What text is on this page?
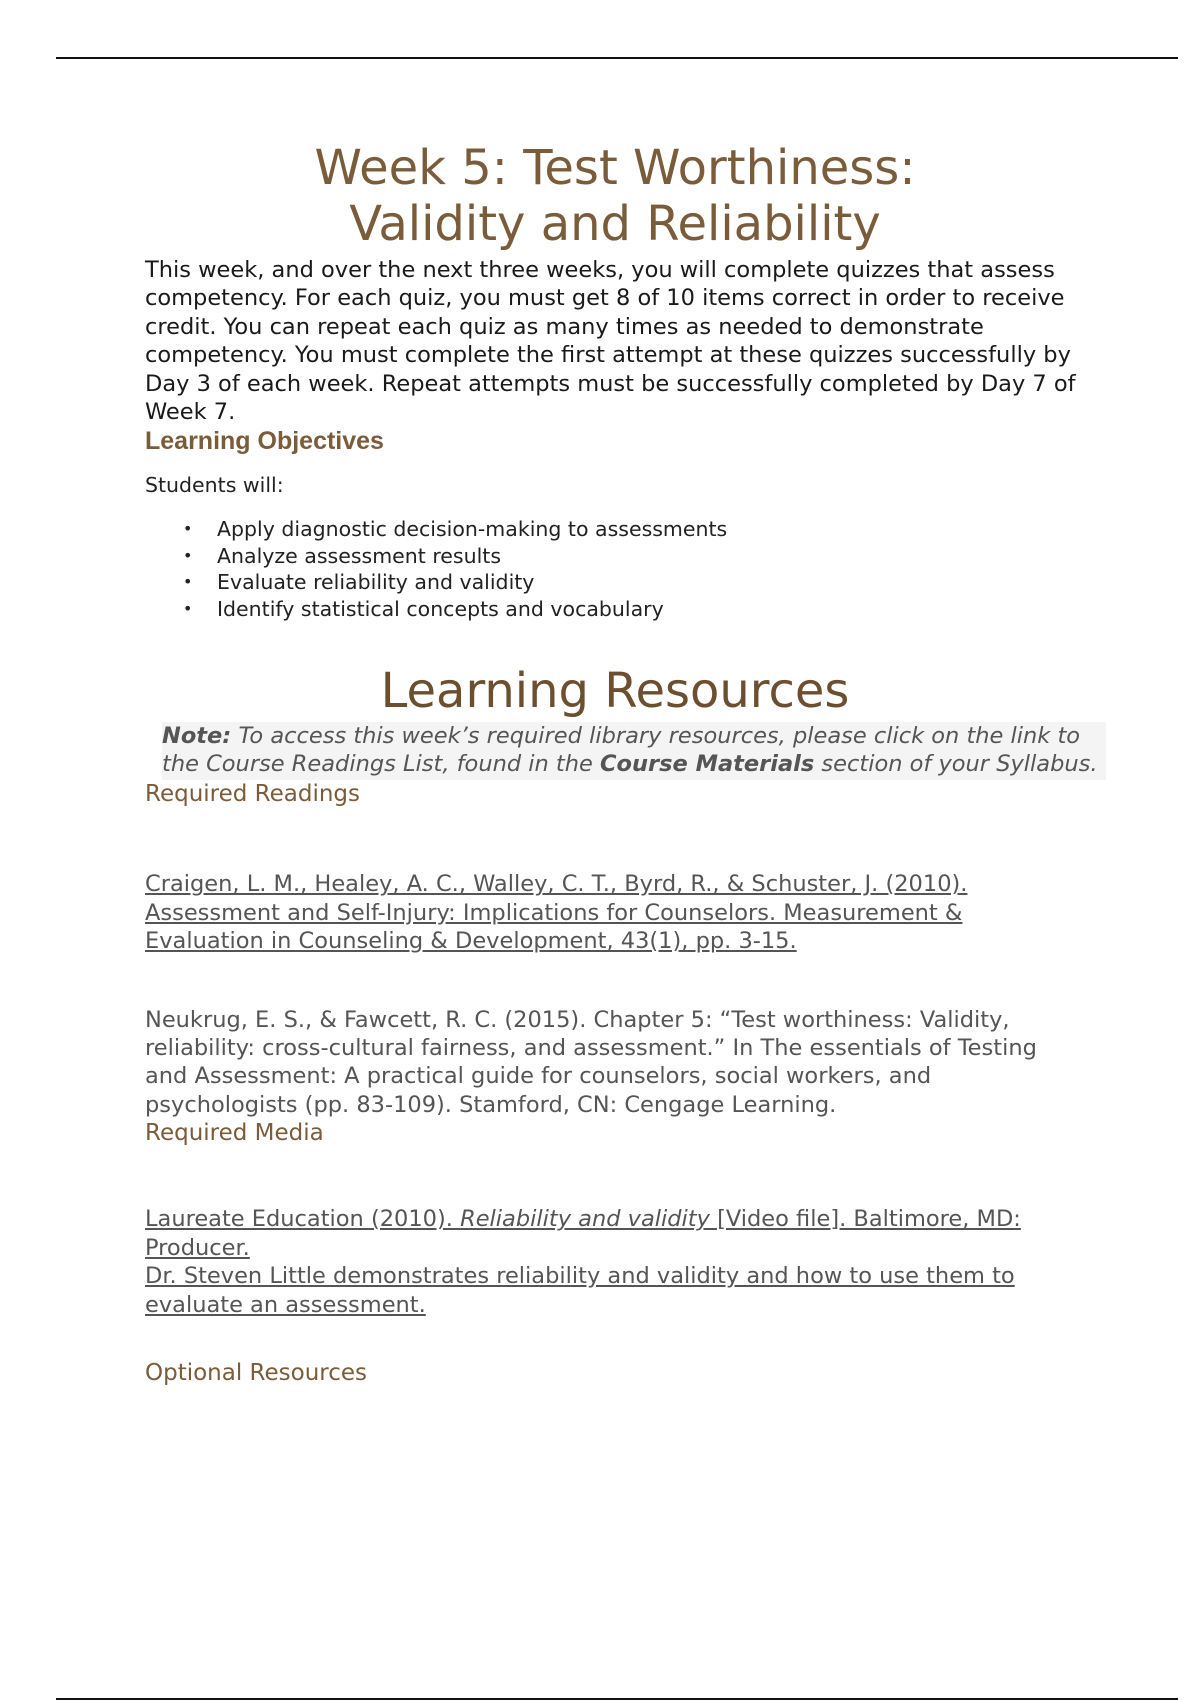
Week 5: Test Worthiness:
Validity and Reliability

This week, and over the next three weeks, you will complete quizzes that assess competency. For each quiz, you must get 8 of 10 items correct in order to receive credit. You can repeat each quiz as many times as needed to demonstrate competency. You must complete the first attempt at these quizzes successfully by Day 3 of each week. Repeat attempts must be successfully completed by Day 7 of Week 7.

Learning Objectives

Students will:

• Apply diagnostic decision-making to assessments
• Analyze assessment results
• Evaluate reliability and validity
• Identify statistical concepts and vocabulary
Learning Resources
Note: To access this week’s required library resources, please click on the link to the Course Readings List, found in the Course Materials section of your Syllabus.
Required Readings
Craigen, L. M., Healey, A. C., Walley, C. T., Byrd, R., & Schuster, J. (2010). Assessment and Self-Injury: Implications for Counselors. Measurement & Evaluation in Counseling & Development, 43(1), pp. 3-15.

Neukrug, E. S., & Fawcett, R. C. (2015). Chapter 5: “Test worthiness: Validity, reliability: cross-cultural fairness, and assessment.” In The essentials of Testing and Assessment: A practical guide for counselors, social workers, and psychologists (pp. 83-109). Stamford, CN: Cengage Learning.

Required Media
Laureate Education (2010). Reliability and validity [Video file]. Baltimore, MD: Producer.
Dr. Steven Little demonstrates reliability and validity and how to use them to evaluate an assessment.
Optional Resources
